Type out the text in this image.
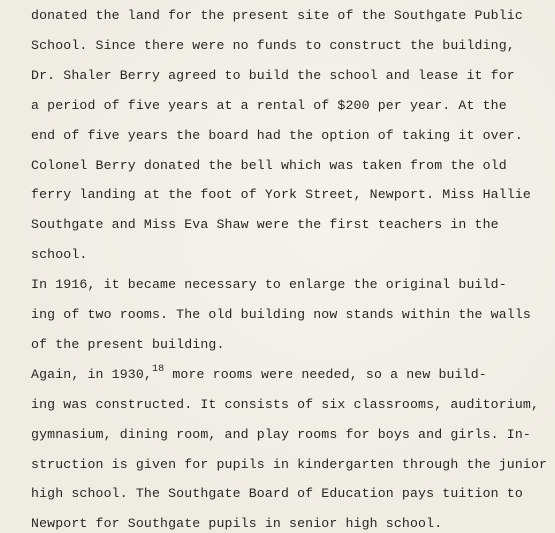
donated the land for the present site of the Southgate Public
School. Since there were no funds to construct the building,
Dr. Shaler Berry agreed to build the school and lease it for
a period of five years at a rental of $200 per year. At the
end of five years the board had the option of taking it over.
Colonel Berry donated the bell which was taken from the old
ferry landing at the foot of York Street, Newport. Miss Hallie
Southgate and Miss Eva Shaw were the first teachers in the
school.
In 1916, it became necessary to enlarge the original build-
ing of two rooms. The old building now stands within the walls
of the present building.
Again, in 1930,18 more rooms were needed, so a new build-
ing was constructed. It consists of six classrooms, auditorium,
gymnasium, dining room, and play rooms for boys and girls. In-
struction is given for pupils in kindergarten through the junior
high school. The Southgate Board of Education pays tuition to
Newport for Southgate pupils in senior high school.
